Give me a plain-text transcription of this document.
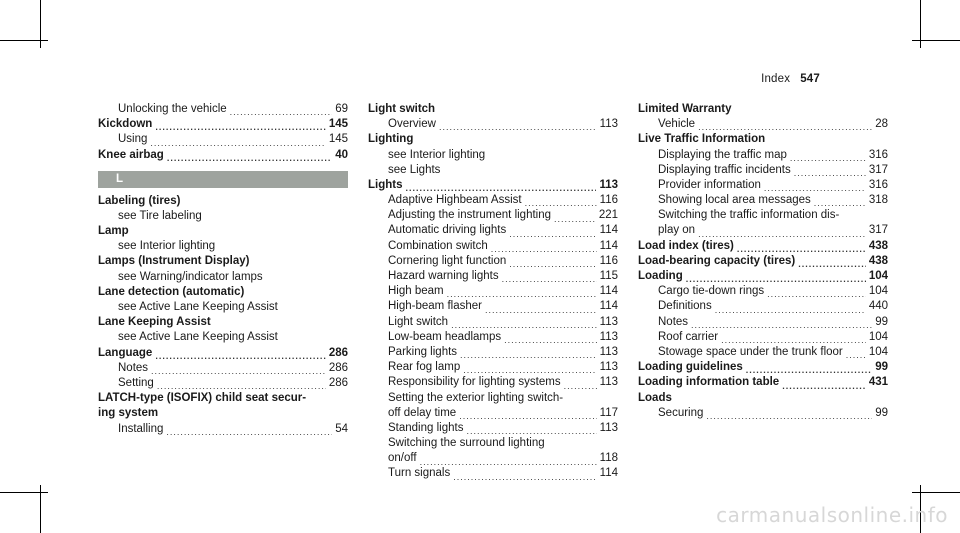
Index 547
Unlocking the vehicle .....	69
Kickdown .....	145
Using .....	145
Knee airbag .....	40
L
Labeling (tires)
see Tire labeling
Lamp
see Interior lighting
Lamps (Instrument Display)
see Warning/indicator lamps
Lane detection (automatic)
see Active Lane Keeping Assist
Lane Keeping Assist
see Active Lane Keeping Assist
Language .....	286
Notes .....	286
Setting .....	286
LATCH-type (ISOFIX) child seat secur-
ing system
Installing .....	54
Light switch
Overview .....	113
Lighting
see Interior lighting
see Lights
Lights .....	113
Adaptive Highbeam Assist .....	116
Adjusting the instrument lighting .....	221
Automatic driving lights .....	114
Combination switch .....	114
Cornering light function .....	116
Hazard warning lights .....	115
High beam .....	114
High-beam flasher .....	114
Light switch .....	113
Low-beam headlamps .....	113
Parking lights .....	113
Rear fog lamp .....	113
Responsibility for lighting systems .....	113
Setting the exterior lighting switch-
off delay time .....	117
Standing lights .....	113
Switching the surround lighting
on/off .....	118
Turn signals .....	114
Limited Warranty
Vehicle .....	28
Live Traffic Information
Displaying the traffic map .....	316
Displaying traffic incidents .....	317
Provider information .....	316
Showing local area messages .....	318
Switching the traffic information dis-
play on .....	317
Load index (tires) .....	438
Load-bearing capacity (tires) .....	438
Loading .....	104
Cargo tie-down rings .....	104
Definitions .....	440
Notes .....	99
Roof carrier .....	104
Stowage space under the trunk floor ..... 104
Loading guidelines .....	99
Loading information table .....	431
Loads
Securing .....	99
carmanualsonline.info
